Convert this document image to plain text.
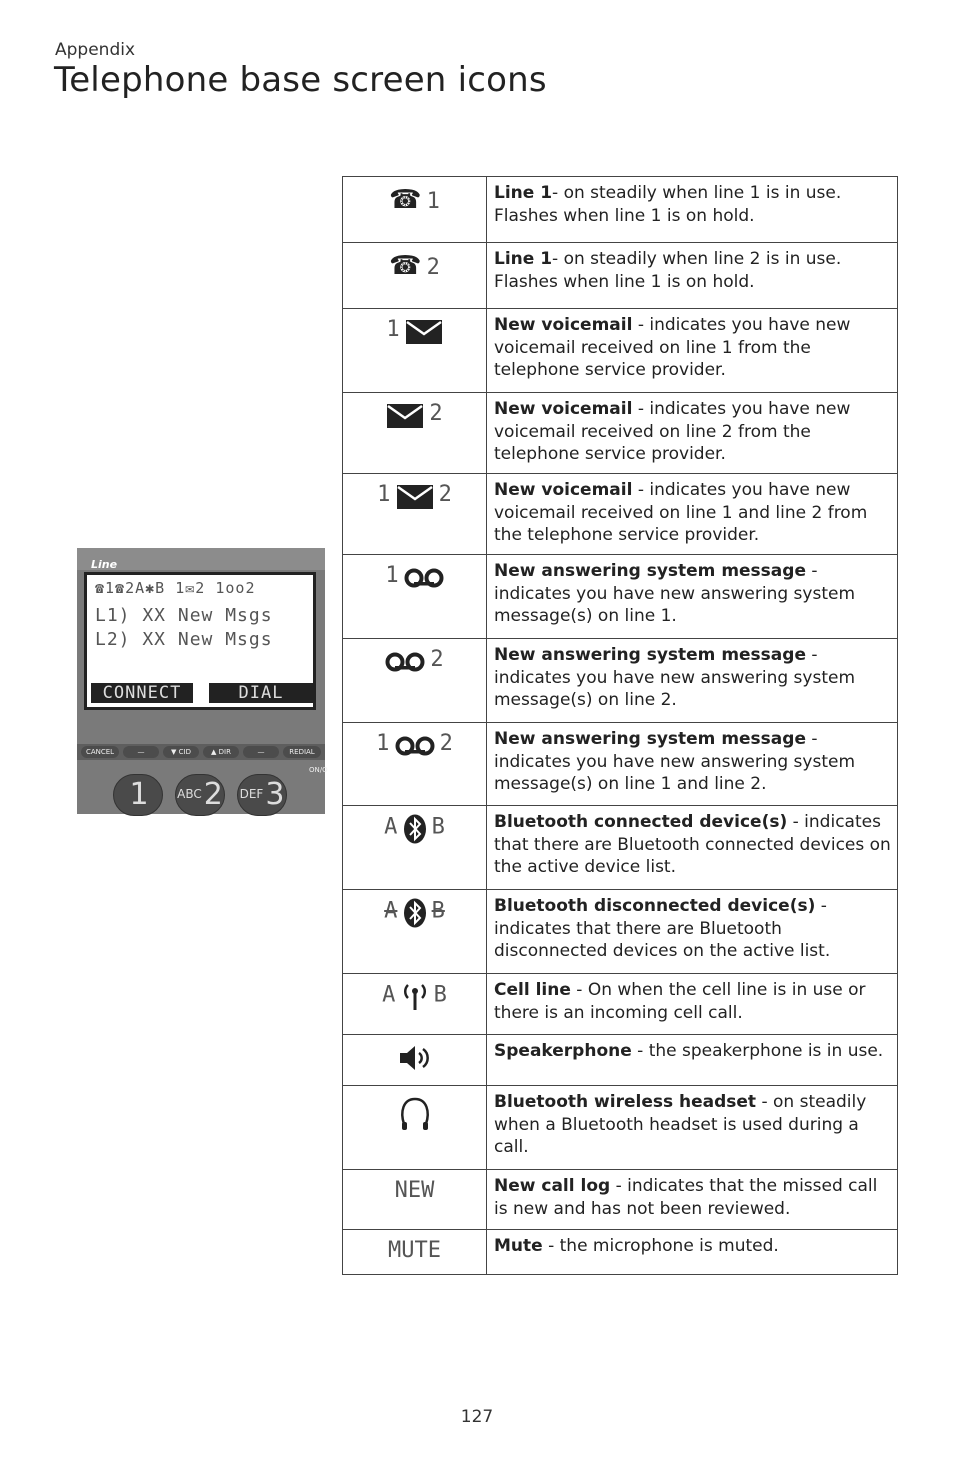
Appendix
Telephone base screen icons
Line
☎1☎2A✱B 1✉2 1oo2
L1) XX New Msgs
L2) XX New Msgs
CONNECT	DIAL
CANCEL	—	▼ CID	▲ DIR	—	REDIAL
ON/O
1	$^{ABC}$2 $^{DEF}$3
☎ 1	Line 1- on steadily when line 1 is in use.
Flashes when line 1 is on hold.
☎ 2	Line 1- on steadily when line 2 is in use.
Flashes when line 1 is on hold.
1	New voicemail - indicates you have new voicemail received on line 1 from the telephone service provider.
2	New voicemail - indicates you have new voicemail received on line 2 from the telephone service provider.
1 2	New voicemail - indicates you have new voicemail received on line 1 and line 2 from the telephone service provider.
1	New answering system message - indicates you have new answering system message(s) on line 1.
2	New answering system message - indicates you have new answering system message(s) on line 2.
1 2	New answering system message - indicates you have new answering system message(s) on line 1 and line 2.
A B	Bluetooth connected device(s) - indicates that there are Bluetooth connected devices on the active device list.
A B	Bluetooth disconnected device(s) - indicates that there are Bluetooth disconnected devices on the active list.
A B	Cell line - On when the cell line is in use or there is an incoming cell call.
	Speakerphone - the speakerphone is in use.
	Bluetooth wireless headset - on steadily when a Bluetooth headset is used during a call.
NEW	New call log - indicates that the missed call is new and has not been reviewed.
MUTE	Mute - the microphone is muted.
127
